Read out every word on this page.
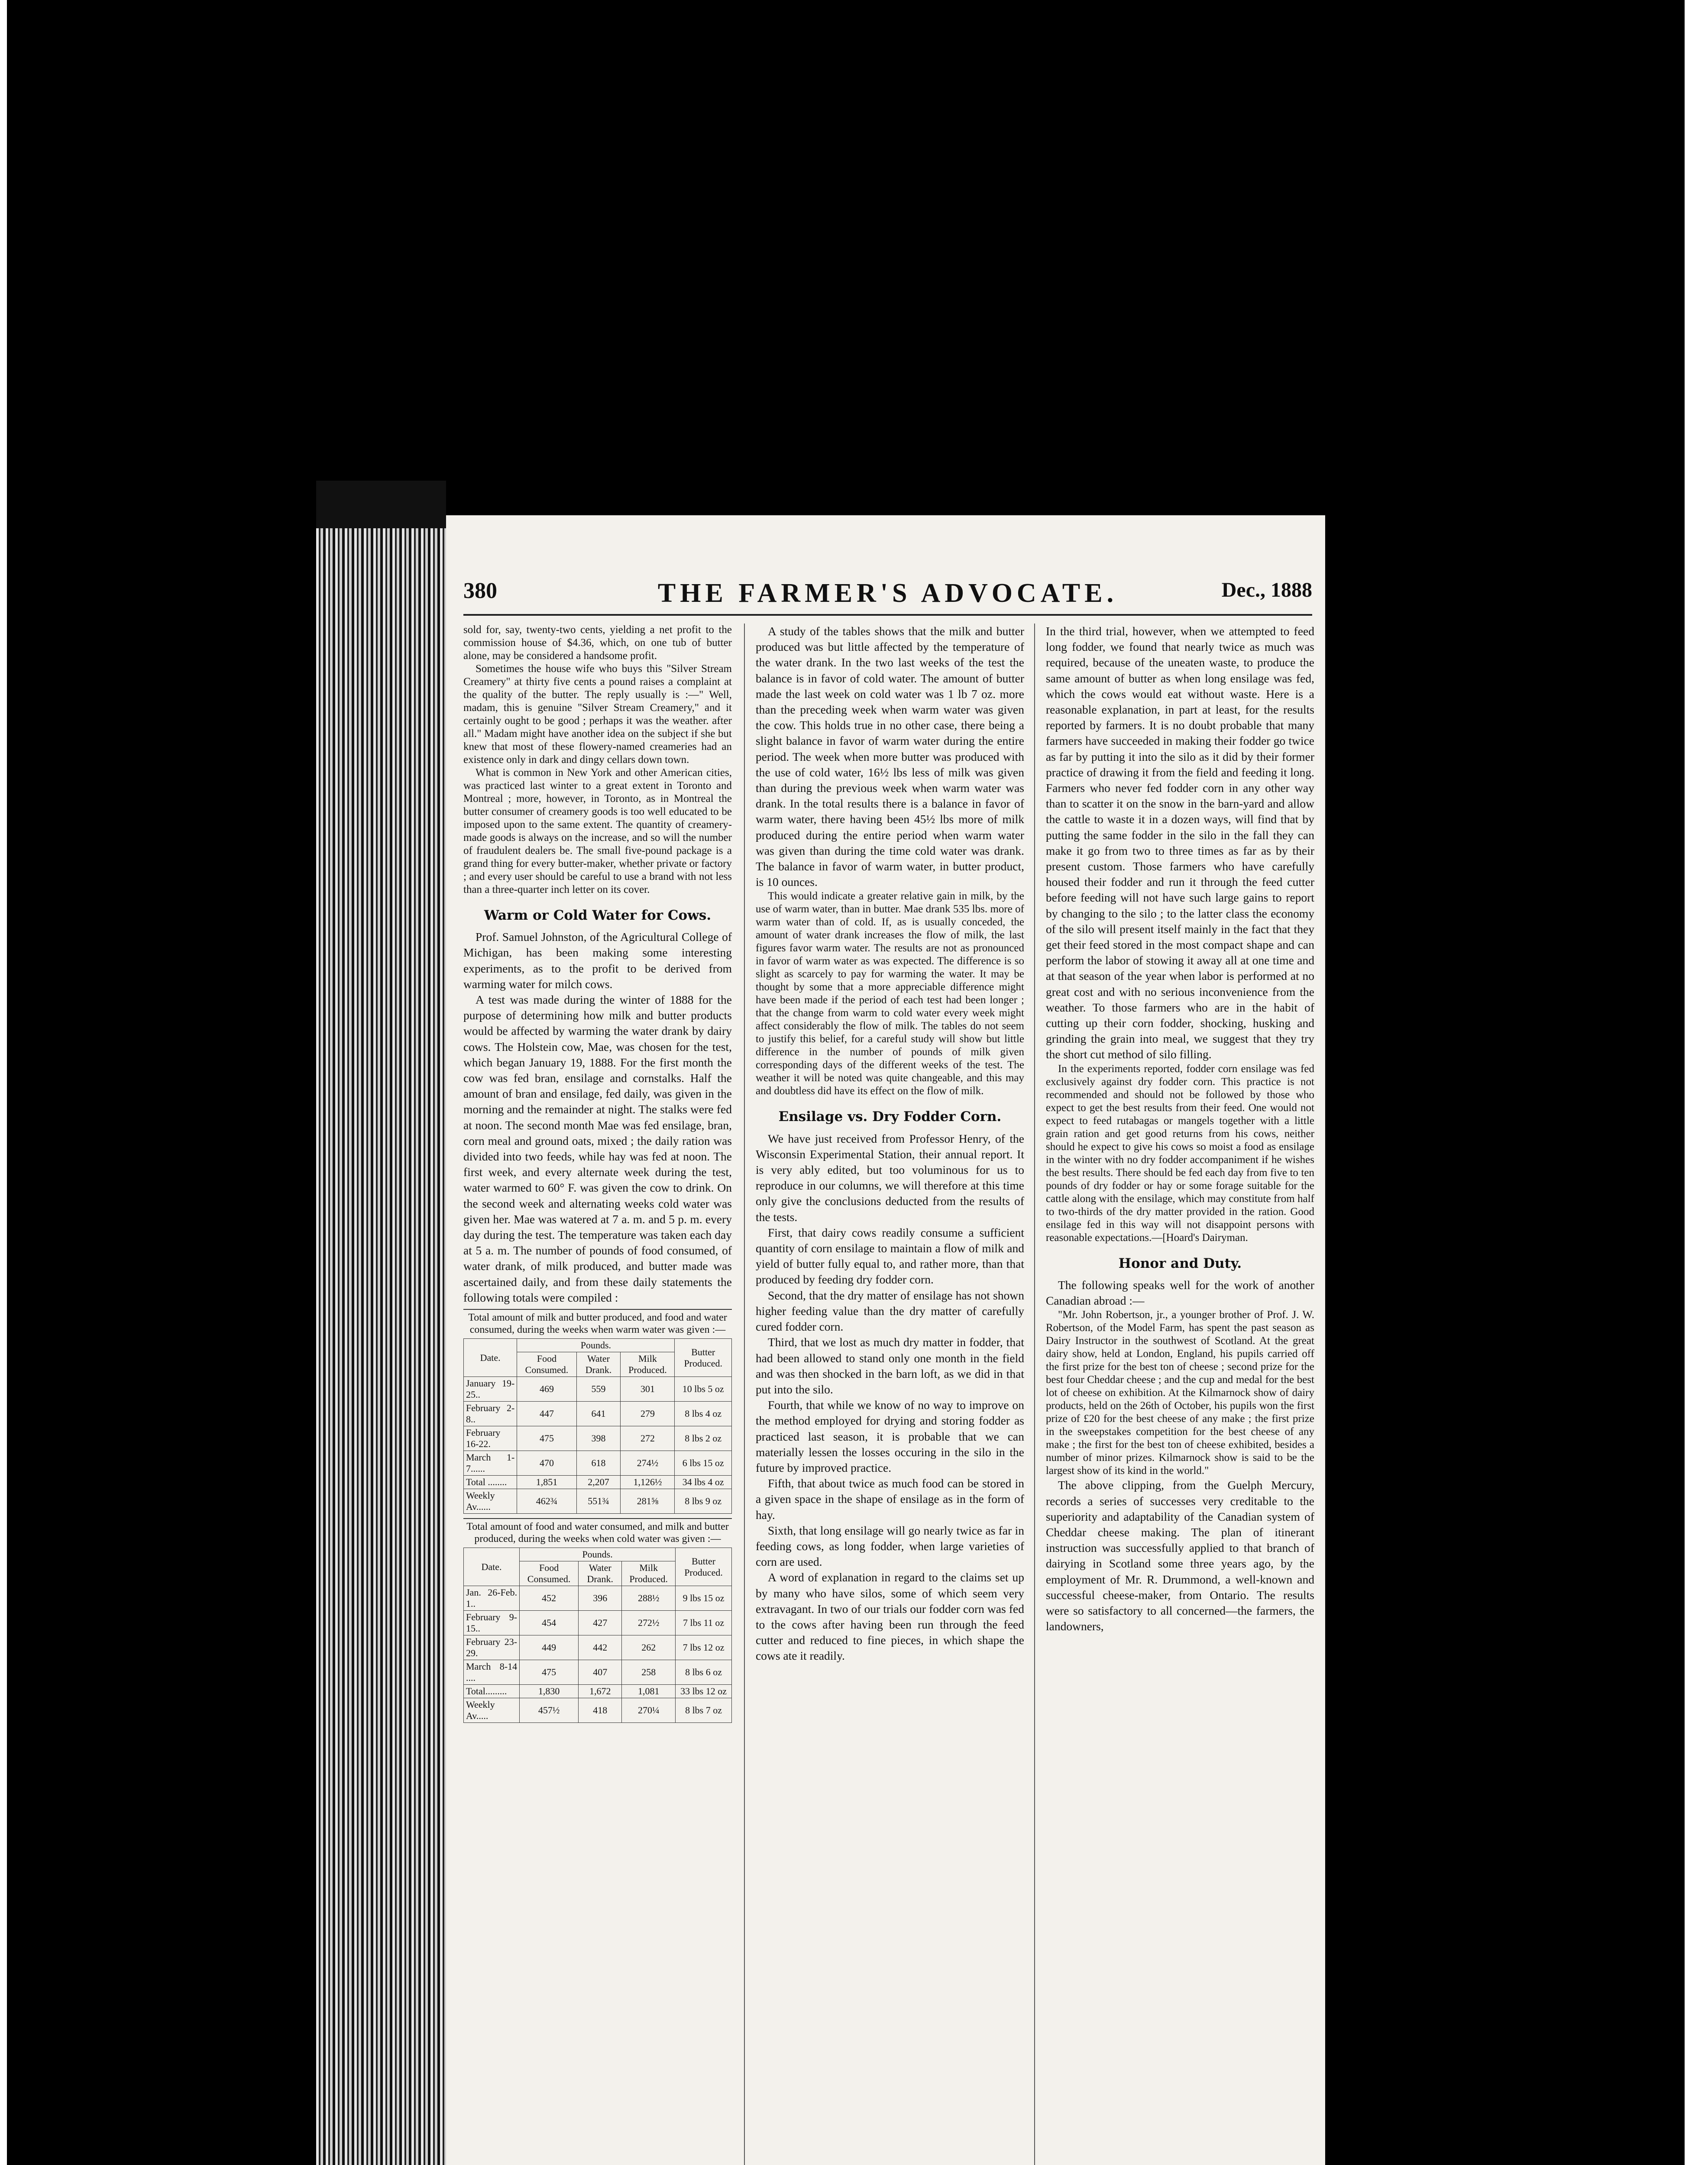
THE FARMER'S ADVOCATE.
380	Dec., 1888

sold for, say, twenty-two cents, yielding a net profit to the commission house of $4.36, which, on one tub of butter alone, may be considered a handsome profit.

Sometimes the house wife who buys this "Silver Stream Creamery" at thirty five cents a pound raises a complaint at the quality of the butter. The reply usually is :—" Well, madam, this is genuine "Silver Stream Creamery," and it certainly ought to be good ; perhaps it was the weather. after all." Madam might have another idea on the subject if she but knew that most of these flowery-named creameries had an existence only in dark and dingy cellars down town.

What is common in New York and other American cities, was practiced last winter to a great extent in Toronto and Montreal ; more, however, in Toronto, as in Montreal the butter consumer of creamery goods is too well educated to be imposed upon to the same extent. The quantity of creamery-made goods is always on the increase, and so will the number of fraudulent dealers be. The small five-pound package is a grand thing for every butter-maker, whether private or factory ; and every user should be careful to use a brand with not less than a three-quarter inch letter on its cover.

Warm or Cold Water for Cows.

Prof. Samuel Johnston, of the Agricultural College of Michigan, has been making some interesting experiments, as to the profit to be derived from warming water for milch cows.

A test was made during the winter of 1888 for the purpose of determining how milk and butter products would be affected by warming the water drank by dairy cows. The Holstein cow, Mae, was chosen for the test, which began January 19, 1888. For the first month the cow was fed bran, ensilage and cornstalks. Half the amount of bran and ensilage, fed daily, was given in the morning and the remainder at night. The stalks were fed at noon. The second month Mae was fed ensilage, bran, corn meal and ground oats, mixed ; the daily ration was divided into two feeds, while hay was fed at noon. The first week, and every alternate week during the test, water warmed to 60° F. was given the cow to drink. On the second week and alternating weeks cold water was given her. Mae was watered at 7 a. m. and 5 p. m. every day during the test. The temperature was taken each day at 5 a. m. The number of pounds of food consumed, of water drank, of milk produced, and butter made was ascertained daily, and from these daily statements the following totals were compiled :

Total amount of milk and butter produced, and food and water consumed, during the weeks when warm water was given :—
Date.	Pounds.			Butter Produced.
	Food Consumed.	Water Drank.	Milk Produced.	
January 19-25..	469	559	301	10 lbs 5 oz
February 2-8..	447	641	279	8 lbs 4 oz
February 16-22.	475	398	272	8 lbs 2 oz
March 1-7......	470	618	274½	6 lbs 15 oz
Total ........	1,851	2,207	1,126½	34 lbs 4 oz
Weekly Av......	462¾	551¾	281⅝	8 lbs 9 oz
Total amount of food and water consumed, and milk and butter produced, during the weeks when cold water was given :—
Date.	Pounds.			Butter Produced.
	Food Consumed.	Water Drank.	Milk Produced.	
Jan. 26-Feb. 1..	452	396	288½	9 lbs 15 oz
February 9-15..	454	427	272½	7 lbs 11 oz
February 23-29.	449	442	262	7 lbs 12 oz
March 8-14 ....	475	407	258	8 lbs 6 oz
Total.........	1,830	1,672	1,081	33 lbs 12 oz
Weekly Av.....	457½	418	270¼	8 lbs 7 oz

A study of the tables shows that the milk and butter produced was but little affected by the temperature of the water drank. In the two last weeks of the test the balance is in favor of cold water. The amount of butter made the last week on cold water was 1 lb 7 oz. more than the preceding week when warm water was given the cow. This holds true in no other case, there being a slight balance in favor of warm water during the entire period. The week when more butter was produced with the use of cold water, 16½ lbs less of milk was given than during the previous week when warm water was drank. In the total results there is a balance in favor of warm water, there having been 45½ lbs more of milk produced during the entire period when warm water was given than during the time cold water was drank. The balance in favor of warm water, in butter product, is 10 ounces.

This would indicate a greater relative gain in milk, by the use of warm water, than in butter. Mae drank 535 lbs. more of warm water than of cold. If, as is usually conceded, the amount of water drank increases the flow of milk, the last figures favor warm water. The results are not as pronounced in favor of warm water as was expected. The difference is so slight as scarcely to pay for warming the water. It may be thought by some that a more appreciable difference might have been made if the period of each test had been longer ; that the change from warm to cold water every week might affect considerably the flow of milk. The tables do not seem to justify this belief, for a careful study will show but little difference in the number of pounds of milk given corresponding days of the different weeks of the test. The weather it will be noted was quite changeable, and this may and doubtless did have its effect on the flow of milk.

Ensilage vs. Dry Fodder Corn.

We have just received from Professor Henry, of the Wisconsin Experimental Station, their annual report. It is very ably edited, but too voluminous for us to reproduce in our columns, we will therefore at this time only give the conclusions deducted from the results of the tests.

First, that dairy cows readily consume a sufficient quantity of corn ensilage to maintain a flow of milk and yield of butter fully equal to, and rather more, than that produced by feeding dry fodder corn.

Second, that the dry matter of ensilage has not shown higher feeding value than the dry matter of carefully cured fodder corn.

Third, that we lost as much dry matter in fodder, that had been allowed to stand only one month in the field and was then shocked in the barn loft, as we did in that put into the silo.

Fourth, that while we know of no way to improve on the method employed for drying and storing fodder as practiced last season, it is probable that we can materially lessen the losses occuring in the silo in the future by improved practice.

Fifth, that about twice as much food can be stored in a given space in the shape of ensilage as in the form of hay.

Sixth, that long ensilage will go nearly twice as far in feeding cows, as long fodder, when large varieties of corn are used.

A word of explanation in regard to the claims set up by many who have silos, some of which seem very extravagant. In two of our trials our fodder corn was fed to the cows after having been run through the feed cutter and reduced to fine pieces, in which shape the cows ate it readily.

In the third trial, however, when we attempted to feed long fodder, we found that nearly twice as much was required, because of the uneaten waste, to produce the same amount of butter as when long ensilage was fed, which the cows would eat without waste. Here is a reasonable explanation, in part at least, for the results reported by farmers. It is no doubt probable that many farmers have succeeded in making their fodder go twice as far by putting it into the silo as it did by their former practice of drawing it from the field and feeding it long. Farmers who never fed fodder corn in any other way than to scatter it on the snow in the barn-yard and allow the cattle to waste it in a dozen ways, will find that by putting the same fodder in the silo in the fall they can make it go from two to three times as far as by their present custom. Those farmers who have carefully housed their fodder and run it through the feed cutter before feeding will not have such large gains to report by changing to the silo ; to the latter class the economy of the silo will present itself mainly in the fact that they get their feed stored in the most compact shape and can perform the labor of stowing it away all at one time and at that season of the year when labor is performed at no great cost and with no serious inconvenience from the weather. To those farmers who are in the habit of cutting up their corn fodder, shocking, husking and grinding the grain into meal, we suggest that they try the short cut method of silo filling.

In the experiments reported, fodder corn ensilage was fed exclusively against dry fodder corn. This practice is not recommended and should not be followed by those who expect to get the best results from their feed. One would not expect to feed rutabagas or mangels together with a little grain ration and get good returns from his cows, neither should he expect to give his cows so moist a food as ensilage in the winter with no dry fodder accompaniment if he wishes the best results. There should be fed each day from five to ten pounds of dry fodder or hay or some forage suitable for the cattle along with the ensilage, which may constitute from half to two-thirds of the dry matter provided in the ration. Good ensilage fed in this way will not disappoint persons with reasonable expectations.—[Hoard's Dairyman.

Honor and Duty.

The following speaks well for the work of another Canadian abroad :—

"Mr. John Robertson, jr., a younger brother of Prof. J. W. Robertson, of the Model Farm, has spent the past season as Dairy Instructor in the southwest of Scotland. At the great dairy show, held at London, England, his pupils carried off the first prize for the best ton of cheese ; second prize for the best four Cheddar cheese ; and the cup and medal for the best lot of cheese on exhibition. At the Kilmarnock show of dairy products, held on the 26th of October, his pupils won the first prize of £20 for the best cheese of any make ; the first prize in the sweepstakes competition for the best cheese of any make ; the first for the best ton of cheese exhibited, besides a number of minor prizes. Kilmarnock show is said to be the largest show of its kind in the world."

The above clipping, from the Guelph Mercury, records a series of successes very creditable to the superiority and adaptability of the Canadian system of Cheddar cheese making. The plan of itinerant instruction was successfully applied to that branch of dairying in Scotland some three years ago, by the employment of Mr. R. Drummond, a well-known and successful cheese-maker, from Ontario. The results were so satisfactory to all concerned—the farmers, the landowners,
